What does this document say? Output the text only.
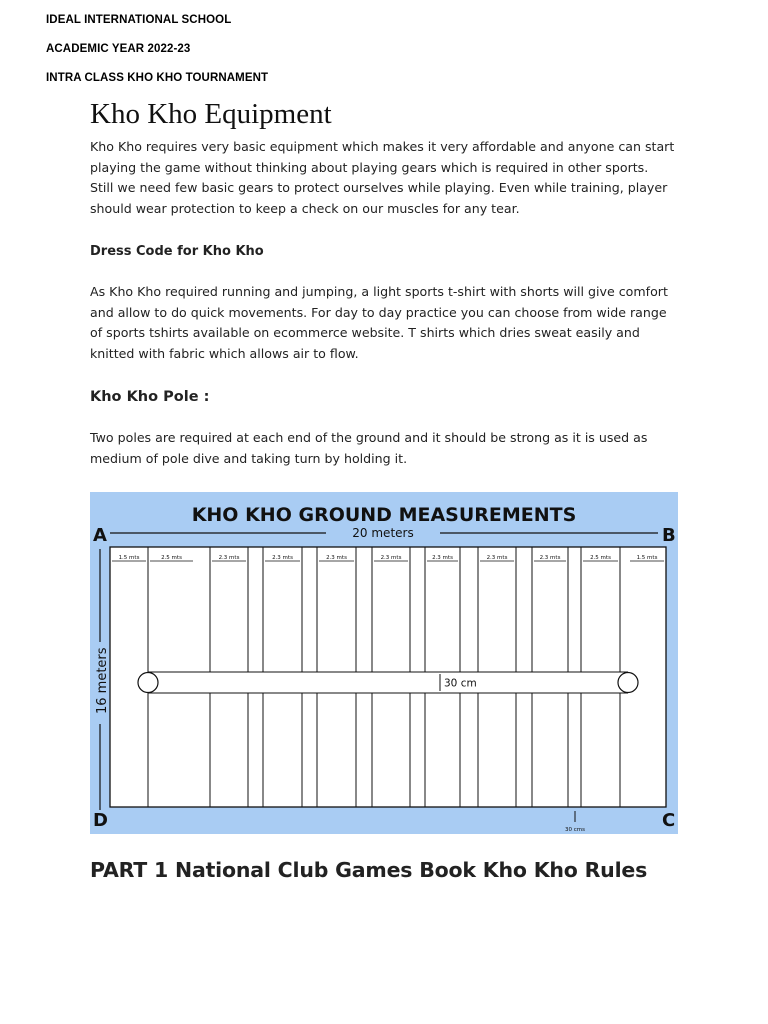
IDEAL INTERNATIONAL SCHOOL
ACADEMIC YEAR 2022-23
INTRA CLASS KHO KHO TOURNAMENT
Kho Kho Equipment
Kho Kho requires very basic equipment which makes it very affordable and anyone can start
playing the game without thinking about playing gears which is required in other sports.
Still we need few basic gears to protect ourselves while playing. Even while training, player
should wear protection to keep a check on our muscles for any tear.
Dress Code for Kho Kho
As Kho Kho required running and jumping, a light sports t-shirt with shorts will give comfort
and allow to do quick movements. For day to day practice you can choose from wide range
of sports tshirts available on ecommerce website. T shirts which dries sweat easily and
knitted with fabric which allows air to flow.
Kho Kho Pole :
Two poles are required at each end of the ground and it should be strong as it is used as
medium of pole dive and taking turn by holding it.
KHO KHO GROUND MEASUREMENTS
A	B
D	C
20 meters
16 meters
1.5 mts	2.5 mts	2.3 mts	2.3 mts	2.3 mts	2.3 mts	2.3 mts	2.3 mts	2.3 mts	2.5 mts	1.5 mts
30 cm
30 cms
PART 1 National Club Games Book Kho Kho Rules
